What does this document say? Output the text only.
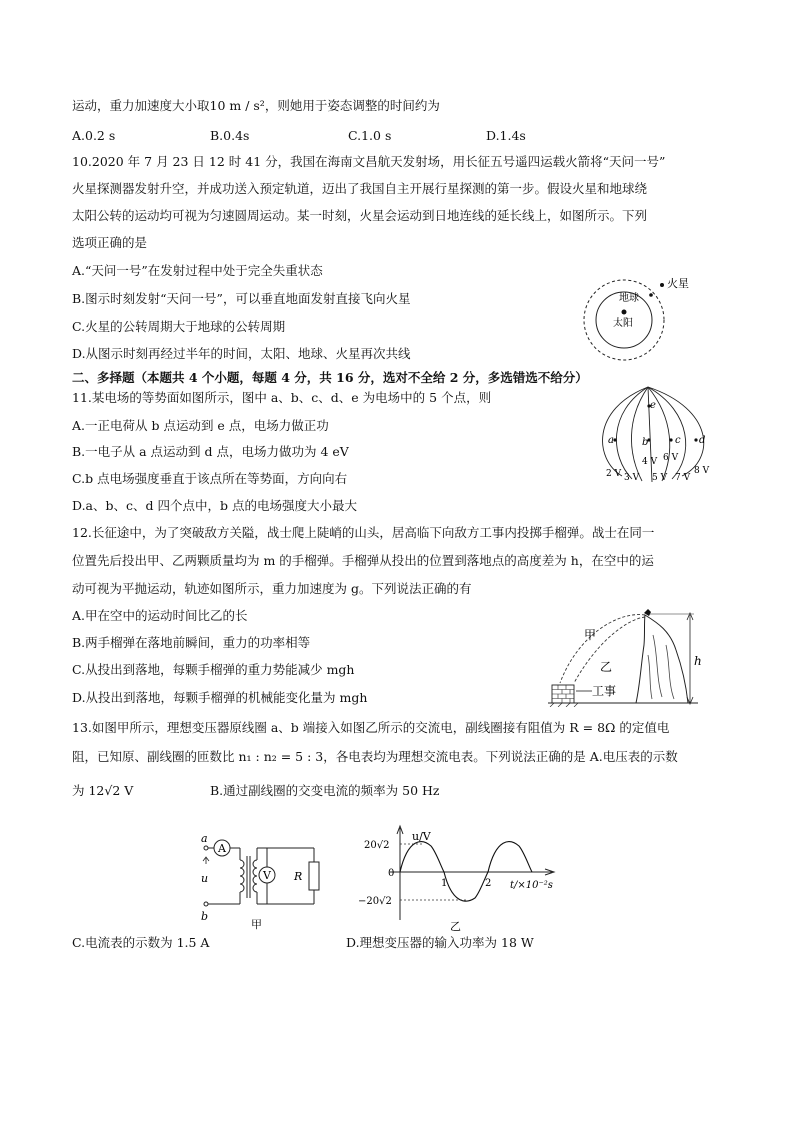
运动，重力加速度大小取10 m / s²，则她用于姿态调整的时间约为
A.0.2 s	B.0.4s	C.1.0 s	D.1.4s
10.2020 年 7 月 23 日 12 时 41 分，我国在海南文昌航天发射场，用长征五号遥四运载火箭将“天问一号”
火星探测器发射升空，并成功送入预定轨道，迈出了我国自主开展行星探测的第一步。假设火星和地球绕
太阳公转的运动均可视为匀速圆周运动。某一时刻，火星会运动到日地连线的延长线上，如图所示。下列
选项正确的是
A.“天问一号”在发射过程中处于完全失重状态
B.图示时刻发射“天问一号”，可以垂直地面发射直接飞向火星
C.火星的公转周期大于地球的公转周期
D.从图示时刻再经过半年的时间，太阳、地球、火星再次共线
二、多择题（本题共 4 个小题，每题 4 分，共 16 分，选对不全给 2 分，多选错选不给分）
11.某电场的等势面如图所示，图中 a、b、c、d、e 为电场中的 5 个点，则
A.一正电荷从 b 点运动到 e 点，电场力做正功
B.一电子从 a 点运动到 d 点，电场力做功为 4 eV
C.b 点电场强度垂直于该点所在等势面，方向向右
D.a、b、c、d 四个点中，b 点的电场强度大小最大
12.长征途中，为了突破敌方关隘，战士爬上陡峭的山头，居高临下向敌方工事内投掷手榴弹。战士在同一
位置先后投出甲、乙两颗质量均为 m 的手榴弹。手榴弹从投出的位置到落地点的高度差为 h，在空中的运
动可视为平抛运动，轨迹如图所示，重力加速度为 g。下列说法正确的有
A.甲在空中的运动时间比乙的长
B.两手榴弹在落地前瞬间，重力的功率相等
C.从投出到落地，每颗手榴弹的重力势能减少 mgh
D.从投出到落地，每颗手榴弹的机械能变化量为 mgh
13.如图甲所示，理想变压器原线圈 a、b 端接入如图乙所示的交流电，副线圈接有阻值为 R = 8Ω 的定值电
阻，已知原、副线圈的匝数比 n₁ : n₂ = 5 : 3，各电表均为理想交流电表。下列说法正确的是 A.电压表的示数
为 12√2 V	B.通过副线圈的交变电流的频率为 50 Hz
C.电流表的示数为 1.5 A	D.理想变压器的输入功率为 18 W
火星
地球
太阳
a	b	c d
e
2 V 3 V
4 V
5 V
6 V
7 V
8 V
甲
乙	h
工事
a
b
u
A
V R
甲
u/V
t/×10⁻²s
20√2
−20√2
0
1	2
乙
